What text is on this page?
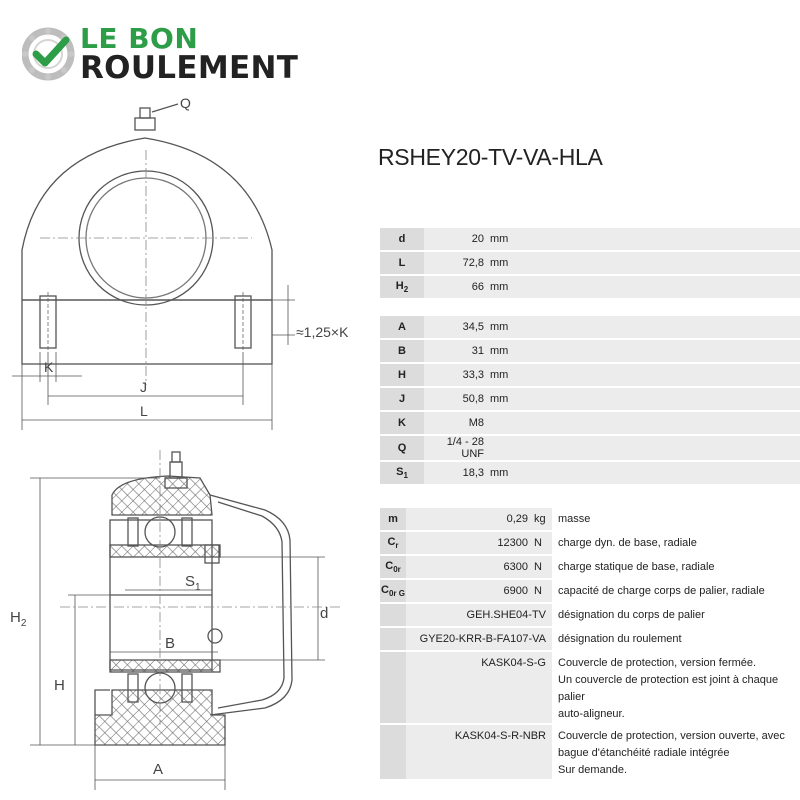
LE BON
ROULEMENT
RSHEY20-TV-VA-HLA
Q
≈1,25×K
K
J
L
$H_2$
H
$S_1$
B
d
A
d	20	mm	
L	72,8	mm	
$H_2$	66	mm	

A	34,5	mm	
B	31	mm	
H	33,3	mm	
J	50,8	mm	
K	M8		
Q	1/4 - 28 UNF		
$S_1$	18,3	mm	
m	0,29	kg	masse
$C_r$	12300	N	charge dyn. de base, radiale
$C_{0r}$	6300	N	charge statique de base, radiale
$C_{0r G}$	6900	N	capacité de charge corps de palier, radiale
	GEH.SHE04-TV		désignation du corps de palier
	GYE20-KRR-B-FA107-VA		désignation du roulement
	KASK04-S-G		Couvercle de protection, version fermée.
Un couvercle de protection est joint à chaque palier
auto-aligneur.

	KASK04-S-R-NBR		Couvercle de protection, version ouverte, avec
bague d'étanchéité radiale intégrée
Sur demande.
